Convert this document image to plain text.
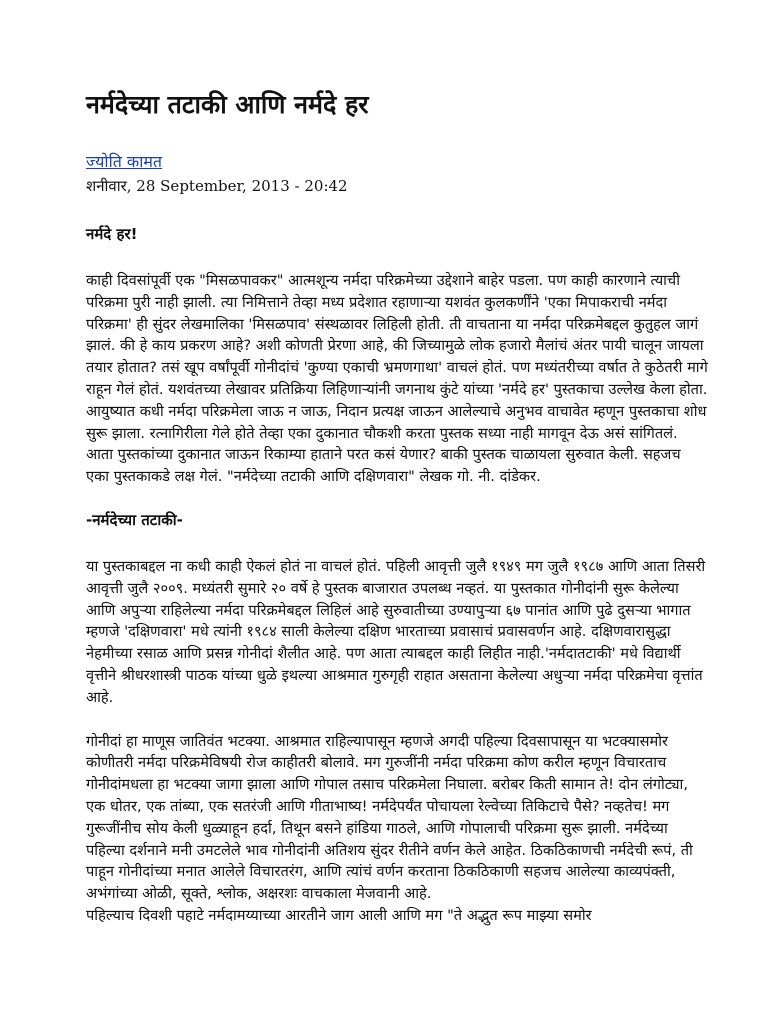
नर्मदेच्या तटाकी आणि नर्मदे हर
ज्योति कामत
शनीवार, 28 September, 2013 - 20:42
नर्मदे हर!

काही दिवसांपूर्वी एक "मिसळपावकर" आत्मशून्य नर्मदा परिक्रमेच्या उद्देशाने बाहेर पडला. पण काही कारणाने त्याची परिक्रमा पुरी नाही झाली. त्या निमित्ताने तेव्हा मध्य प्रदेशात रहाणाऱ्या यशवंत कुलकर्णींने 'एका मिपाकराची नर्मदा परिक्रमा' ही सुंदर लेखमालिका 'मिसळपाव' संस्थळावर लिहिली होती. ती वाचताना या नर्मदा परिक्रमेबद्दल कुतुहल जागं झालं. की हे काय प्रकरण आहे? अशी कोणती प्रेरणा आहे, की जिच्यामुळे लोक हजारो मैलांचं अंतर पायी चालून जायला तयार होतात? तसं खूप वर्षांपूर्वी गोनीदांचं 'कुण्या एकाची भ्रमणगाथा' वाचलं होतं. पण मध्यंतरीच्या वर्षात ते कुठेतरी मागे राहून गेलं होतं. यशवंतच्या लेखावर प्रतिक्रिया लिहिणाऱ्यांनी जगनाथ कुंटे यांच्या 'नर्मदे हर' पुस्तकाचा उल्लेख केला होता. आयुष्यात कधी नर्मदा परिक्रमेला जाऊ न जाऊ, निदान प्रत्यक्ष जाऊन आलेल्याचे अनुभव वाचावेत म्हणून पुस्तकाचा शोध सुरू झाला. रत्नागिरीला गेले होते तेव्हा एका दुकानात चौकशी करता पुस्तक सध्या नाही मागवून देऊ असं सांगितलं. आता पुस्तकांच्या दुकानात जाऊन रिकाम्या हाताने परत कसं येणार? बाकी पुस्तक चाळायला सुरुवात केली. सहजच एका पुस्तकाकडे लक्ष गेलं. "नर्मदेच्या तटाकी आणि दक्षिणवारा" लेखक गो. नी. दांडेकर.

-नर्मदेच्या तटाकी-

या पुस्तकाबद्दल ना कधी काही ऐकलं होतं ना वाचलं होतं. पहिली आवृत्ती जुलै १९४९ मग जुलै १९८७ आणि आता तिसरी आवृत्ती जुलै २००९. मध्यंतरी सुमारे २० वर्षे हे पुस्तक बाजारात उपलब्ध नव्हतं. या पुस्तकात गोनीदांनी सुरू केलेल्या आणि अपुऱ्या राहिलेल्या नर्मदा परिक्रमेबद्दल लिहिलं आहे सुरुवातीच्या उण्यापुऱ्या ६७ पानांत आणि पुढे दुसऱ्या भागात म्हणजे 'दक्षिणवारा' मधे त्यांनी १९८४ साली केलेल्या दक्षिण भारताच्या प्रवासाचं प्रवासवर्णन आहे. दक्षिणवारासुद्धा नेहमीच्या रसाळ आणि प्रसन्न गोनीदां शैलीत आहे. पण आता त्याबद्दल काही लिहीत नाही.'नर्मदातटाकी' मधे विद्यार्थी वृत्तीने श्रीधरशास्त्री पाठक यांच्या धुळे इथल्या आश्रमात गुरुगृही राहात असताना केलेल्या अधुऱ्या नर्मदा परिक्रमेचा वृत्तांत आहे.

गोनीदां हा माणूस जातिवंत भटक्या. आश्रमात राहिल्यापासून म्हणजे अगदी पहिल्या दिवसापासून या भटक्यासमोर कोणीतरी नर्मदा परिक्रमेविषयी रोज काहीतरी बोलावे. मग गुरुजींनी नर्मदा परिक्रमा कोण करील म्हणून विचारताच गोनीदांमधला हा भटक्या जागा झाला आणि गोपाल तसाच परिक्रमेला निघाला. बरोबर किती सामान ते! दोन लंगोट्या, एक धोतर, एक तांब्या, एक सतरंजी आणि गीताभाष्य! नर्मदेपर्यंत पोचायला रेल्वेच्या तिकिटाचे पैसे? नव्हतेच! मग गुरूजींनीच सोय केली धुळ्याहून हर्दा, तिथून बसने हांडिया गाठले, आणि गोपालाची परिक्रमा सुरू झाली. नर्मदेच्या पहिल्या दर्शनाने मनी उमटलेले भाव गोनीदांनी अतिशय सुंदर रीतीने वर्णन केले आहेत. ठिकठिकाणची नर्मदेची रूपं, ती पाहून गोनीदांच्या मनात आलेले विचारतरंग, आणि त्यांचं वर्णन करताना ठिकठिकाणी सहजच आलेल्या काव्यपंक्ती, अभंगांच्या ओळी, सूक्ते, श्लोक, अक्षरशः वाचकाला मेजवानी आहे.

पहिल्याच दिवशी पहाटे नर्मदामय्याच्या आरतीने जाग आली आणि मग "ते अद्भुत रूप माझ्या समोर
